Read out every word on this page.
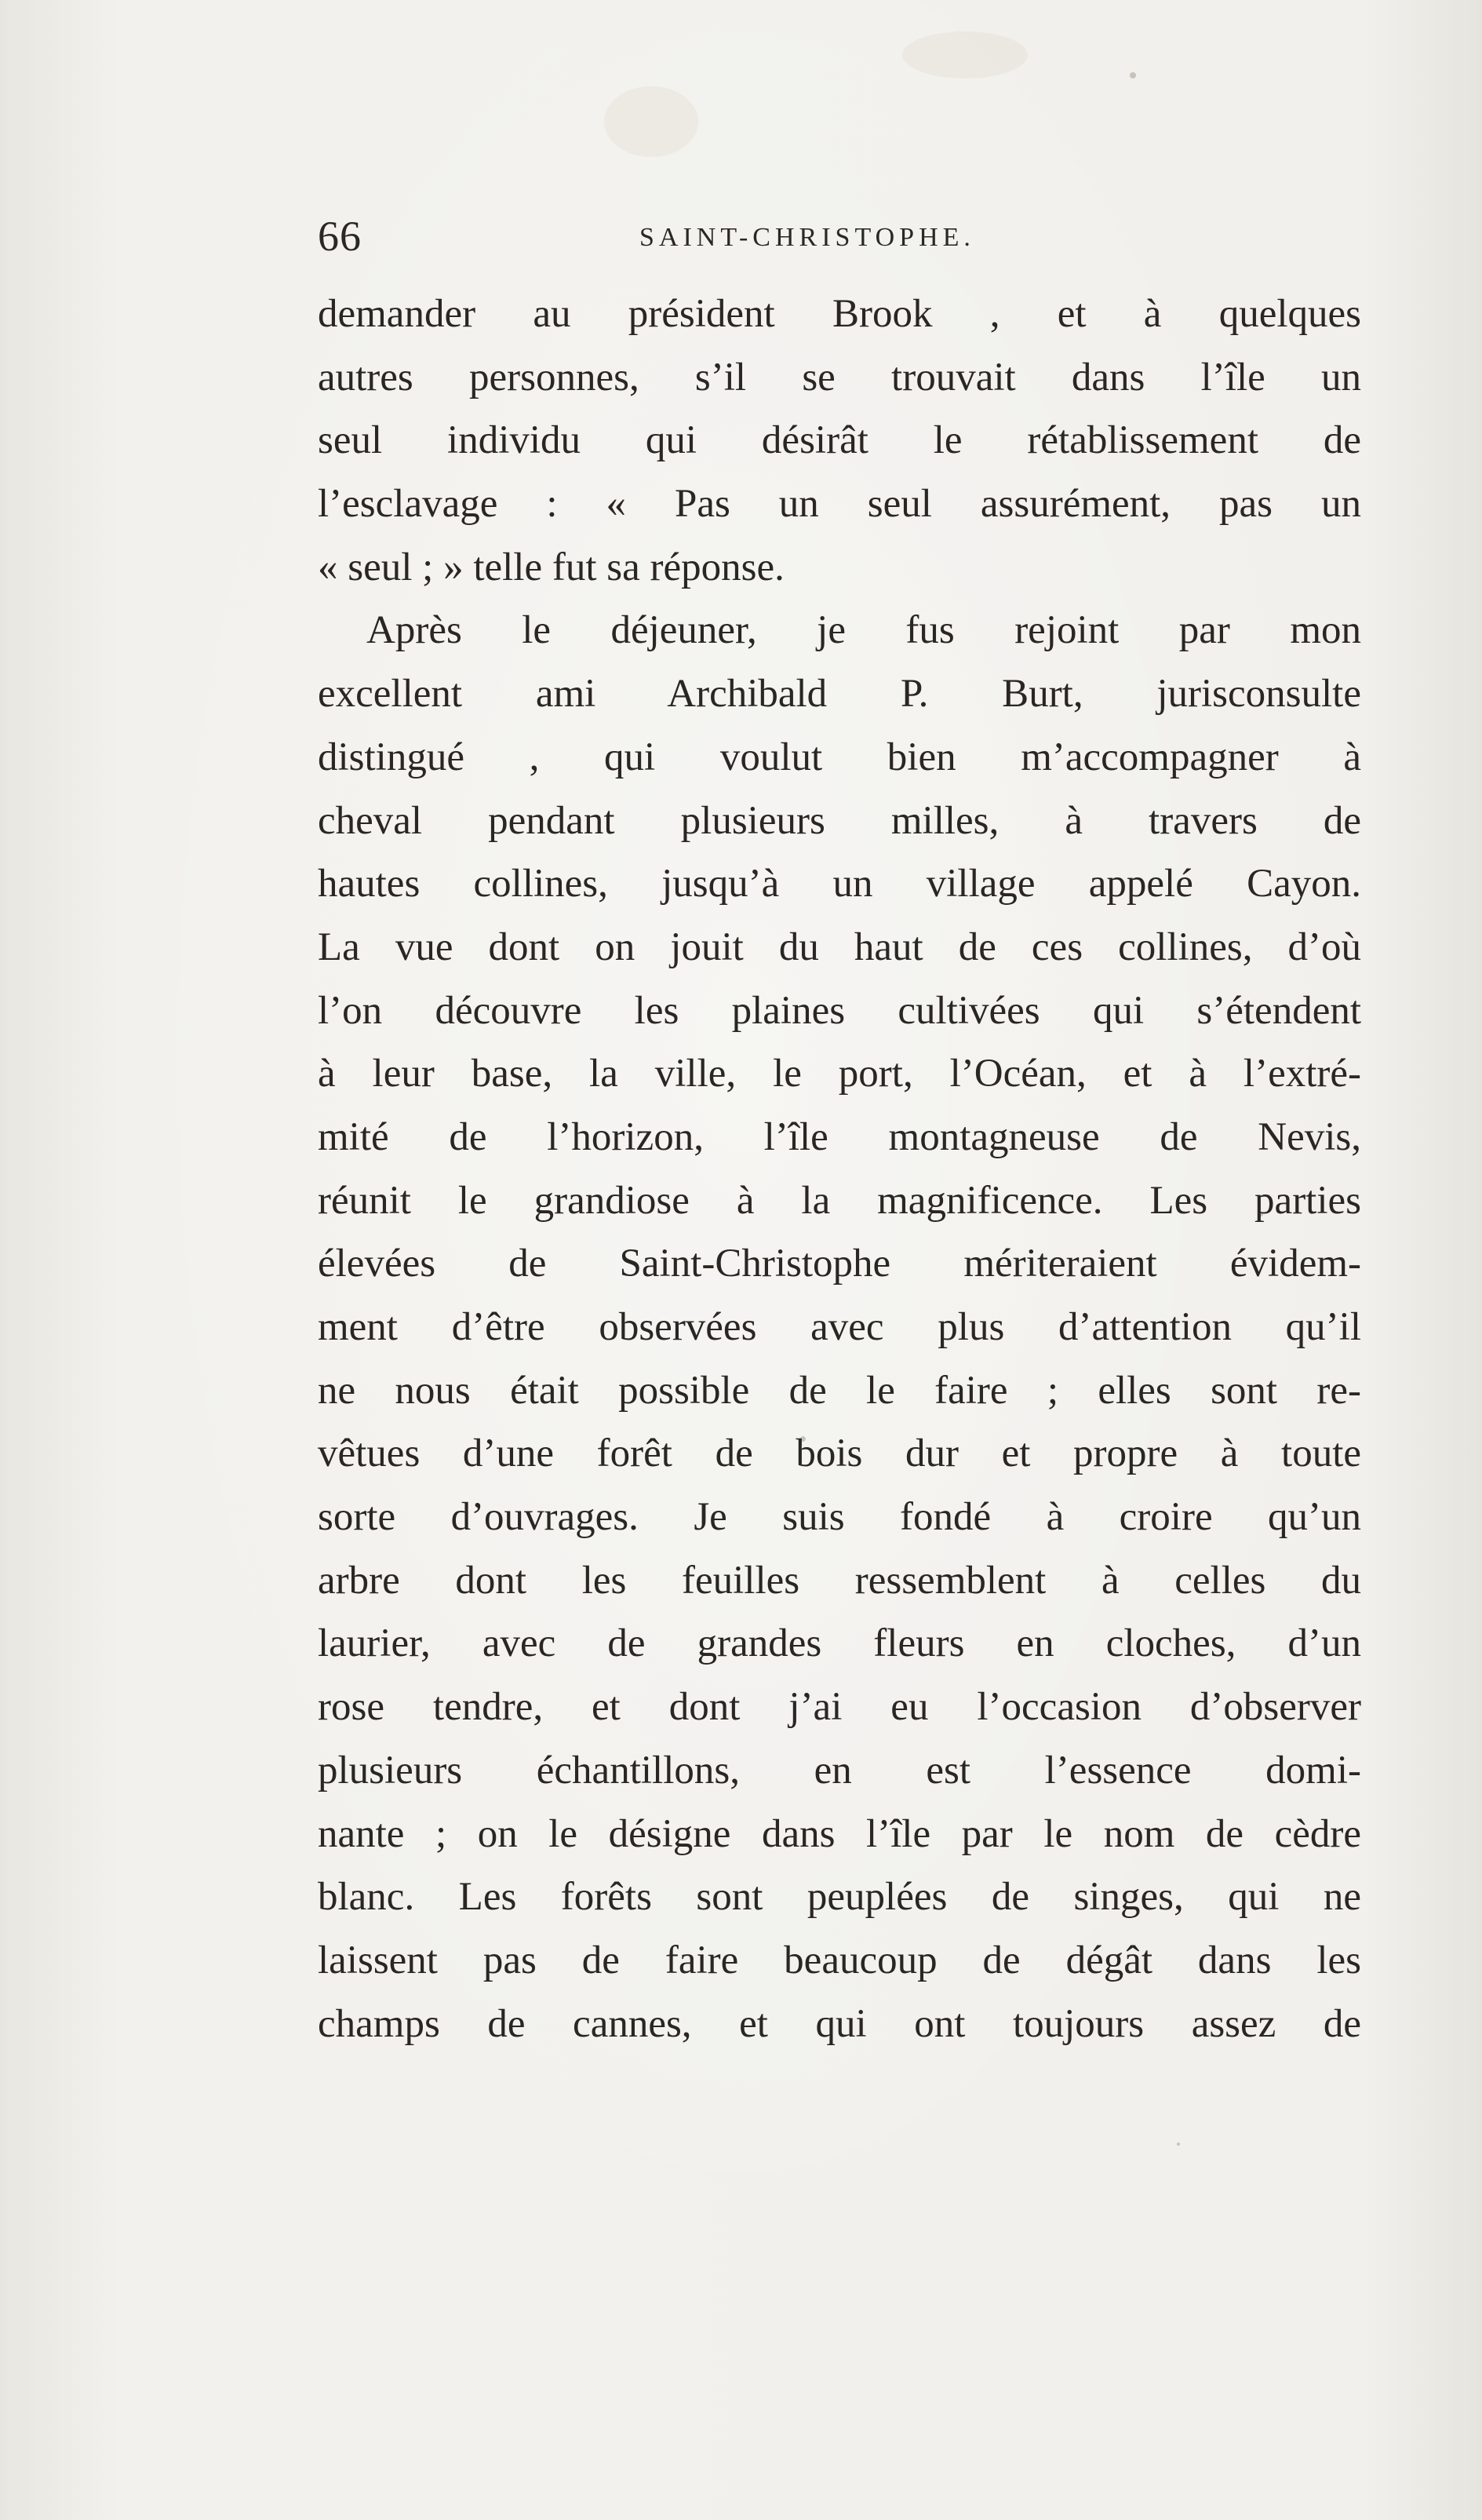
66	SAINT-CHRISTOPHE.
demander au président Brook , et à quelques
autres personnes, s’il se trouvait dans l’île un
seul individu qui désirât le rétablissement de
l’esclavage : « Pas un seul assurément, pas un
« seul ; » telle fut sa réponse.
Après le déjeuner, je fus rejoint par mon
excellent ami Archibald P. Burt, jurisconsulte
distingué , qui voulut bien m’accompagner à
cheval pendant plusieurs milles, à travers de
hautes collines, jusqu’à un village appelé Cayon.
La vue dont on jouit du haut de ces collines, d’où
l’on découvre les plaines cultivées qui s’étendent
à leur base, la ville, le port, l’Océan, et à l’extré-
mité de l’horizon, l’île montagneuse de Nevis,
réunit le grandiose à la magnificence. Les parties
élevées de Saint-Christophe mériteraient évidem-
ment d’être observées avec plus d’attention qu’il
ne nous était possible de le faire ; elles sont re-
vêtues d’une forêt de bois dur et propre à toute
sorte d’ouvrages. Je suis fondé à croire qu’un
arbre dont les feuilles ressemblent à celles du
laurier, avec de grandes fleurs en cloches, d’un
rose tendre, et dont j’ai eu l’occasion d’observer
plusieurs échantillons, en est l’essence domi-
nante ; on le désigne dans l’île par le nom de cèdre
blanc. Les forêts sont peuplées de singes, qui ne
laissent pas de faire beaucoup de dégât dans les
champs de cannes, et qui ont toujours assez de
